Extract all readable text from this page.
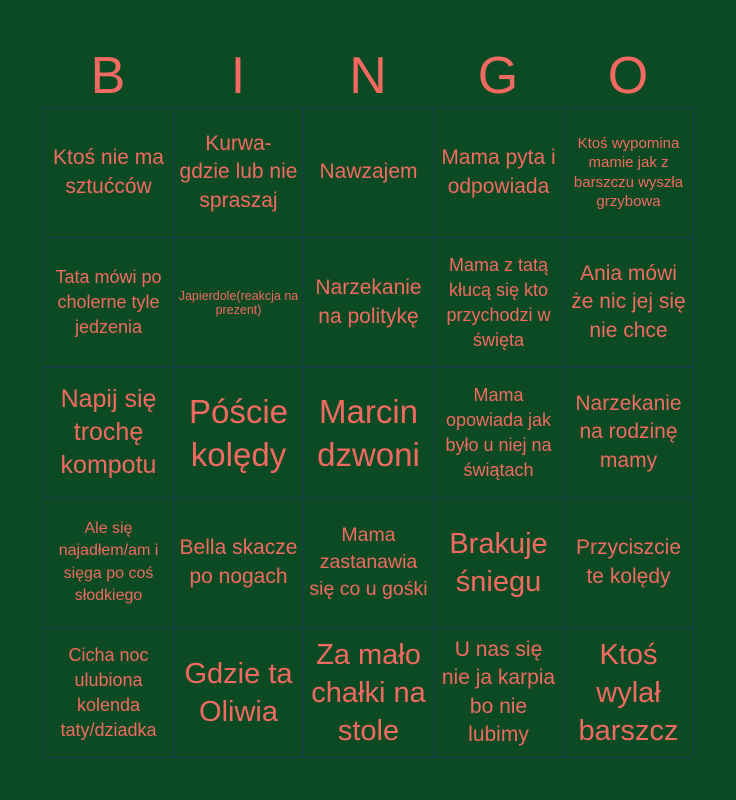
B	I	N	G	O
Ktoś nie ma sztućców
Kurwa- gdzie lub nie spraszaj
Nawzajem
Mama pyta i odpowiada
Ktoś wypomina mamie jak z barszczu wyszła grzybowa
Tata mówi po cholerne tyle jedzenia
Japierdole(reakcja na prezent)
Narzekanie na politykę
Mama z tatą kłucą się kto przychodzi w święta
Ania mówi że nic jej się nie chce
Napij się trochę kompotu
Póście kolędy
Marcin dzwoni
Mama opowiada jak było u niej na świątach
Narzekanie na rodzinę mamy
Ale się najadłem/am i sięga po coś słodkiego
Bella skacze po nogach
Mama zastanawia się co u gośki
Brakuje śniegu
Przyciszcie te kolędy
Cicha noc ulubiona kolenda taty/dziadka
Gdzie ta Oliwia
Za mało chałki na stole
U nas się nie ja karpia bo nie lubimy
Ktoś wylał barszcz
